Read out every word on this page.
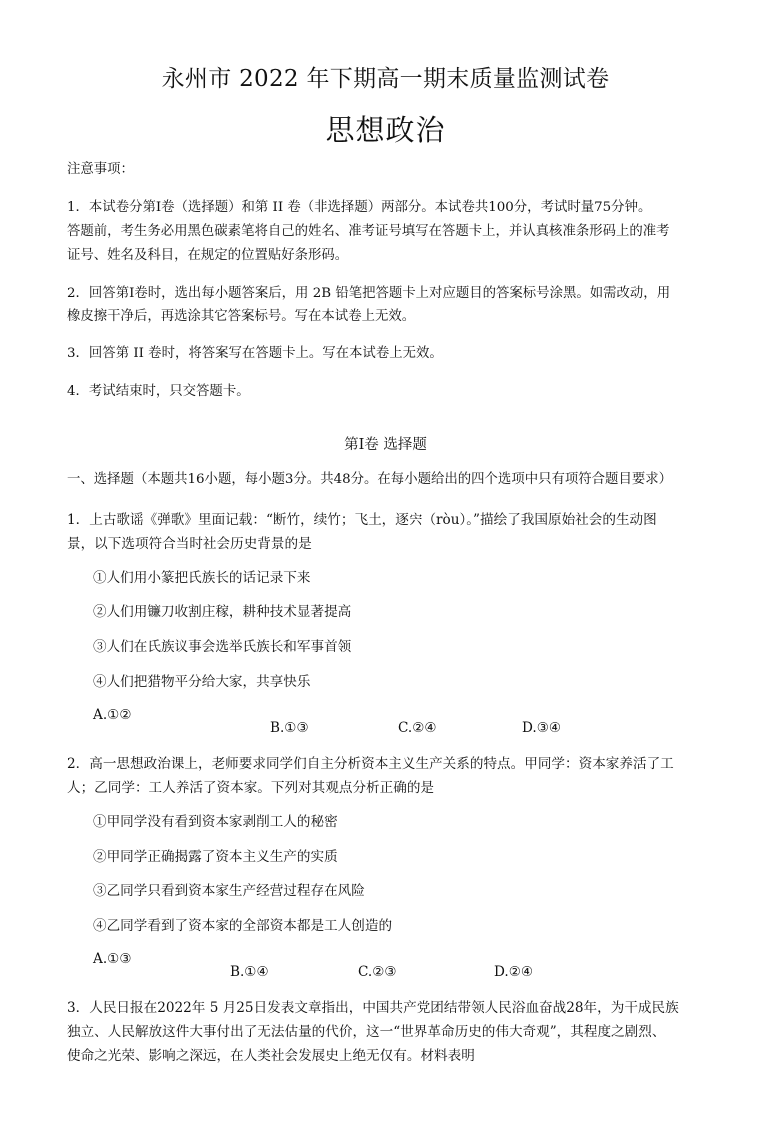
永州市 2022 年下期高一期末质量监测试卷
思想政治
注意事项：
1．本试卷分第Ⅰ卷（选择题）和第 II 卷（非选择题）两部分。本试卷共100分，考试时量75分钟。
答题前，考生务必用黑色碳素笔将自己的姓名、准考证号填写在答题卡上，并认真核准条形码上的准考
证号、姓名及科目，在规定的位置贴好条形码。
2．回答第Ⅰ卷时，选出每小题答案后，用 2B 铅笔把答题卡上对应题目的答案标号涂黑。如需改动，用
橡皮擦干净后，再选涂其它答案标号。写在本试卷上无效。
3．回答第 II 卷时，将答案写在答题卡上。写在本试卷上无效。
4．考试结束时，只交答题卡。
第Ⅰ卷 选择题
一、选择题（本题共16小题，每小题3分。共48分。在每小题给出的四个选项中只有项符合题目要求）
1．上古歌谣《弹歌》里面记载：“断竹，续竹；飞土，逐宍（ròu）。”描绘了我国原始社会的生动图
景，以下选项符合当时社会历史背景的是
①人们用小篆把氏族长的话记录下来
②人们用镰刀收割庄稼，耕种技术显著提高
③人们在氏族议事会选举氏族长和军事首领
④人们把猎物平分给大家，共享快乐
A.①②
B.①③	C.②④	D.③④
2．高一思想政治课上，老师要求同学们自主分析资本主义生产关系的特点。甲同学：资本家养活了工
人；乙同学：工人养活了资本家。下列对其观点分析正确的是
①甲同学没有看到资本家剥削工人的秘密
②甲同学正确揭露了资本主义生产的实质
③乙同学只看到资本家生产经营过程存在风险
④乙同学看到了资本家的全部资本都是工人创造的
A.①③
B.①④	C.②③	D.②④
3．人民日报在2022年 5 月25日发表文章指出，中国共产党团结带领人民浴血奋战28年，为干成民族
独立、人民解放这件大事付出了无法估量的代价，这一“世界革命历史的伟大奇观”，其程度之剧烈、
使命之光荣、影响之深远，在人类社会发展史上绝无仅有。材料表明
